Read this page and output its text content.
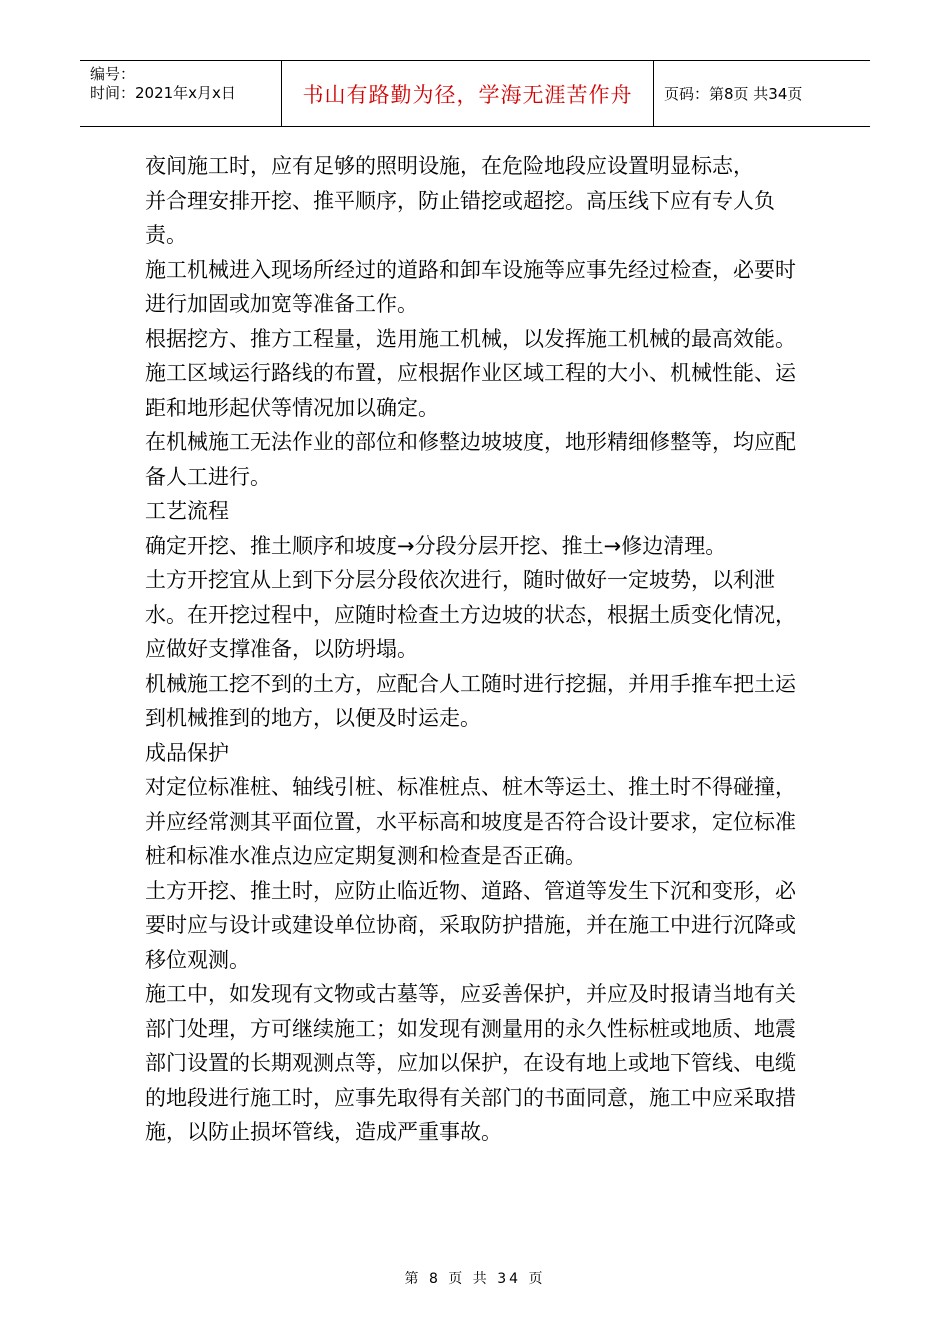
编号：
时间：2021年x月x日	书山有路勤为径，学海无涯苦作舟	页码：第8页 共34页

夜间施工时，应有足够的照明设施，在危险地段应设置明显标志，

并合理安排开挖、推平顺序，防止错挖或超挖。高压线下应有专人负责。

施工机械进入现场所经过的道路和卸车设施等应事先经过检查，必要时进行加固或加宽等准备工作。

根据挖方、推方工程量，选用施工机械，以发挥施工机械的最高效能。

施工区域运行路线的布置，应根据作业区域工程的大小、机械性能、运距和地形起伏等情况加以确定。

在机械施工无法作业的部位和修整边坡坡度，地形精细修整等，均应配备人工进行。

工艺流程

确定开挖、推土顺序和坡度→分段分层开挖、推土→修边清理。

土方开挖宜从上到下分层分段依次进行，随时做好一定坡势，以利泄水。在开挖过程中，应随时检查土方边坡的状态，根据土质变化情况，应做好支撑准备，以防坍塌。

机械施工挖不到的土方，应配合人工随时进行挖掘，并用手推车把土运到机械推到的地方，以便及时运走。

成品保护

对定位标准桩、轴线引桩、标准桩点、桩木等运土、推土时不得碰撞，并应经常测其平面位置，水平标高和坡度是否符合设计要求，定位标准桩和标准水准点边应定期复测和检查是否正确。

土方开挖、推土时，应防止临近物、道路、管道等发生下沉和变形，必要时应与设计或建设单位协商，采取防护措施，并在施工中进行沉降或移位观测。

施工中，如发现有文物或古墓等，应妥善保护，并应及时报请当地有关部门处理，方可继续施工；如发现有测量用的永久性标桩或地质、地震部门设置的长期观测点等，应加以保护，在设有地上或地下管线、电缆的地段进行施工时，应事先取得有关部门的书面同意，施工中应采取措施，以防止损坏管线，造成严重事故。

第 8 页 共 34 页
